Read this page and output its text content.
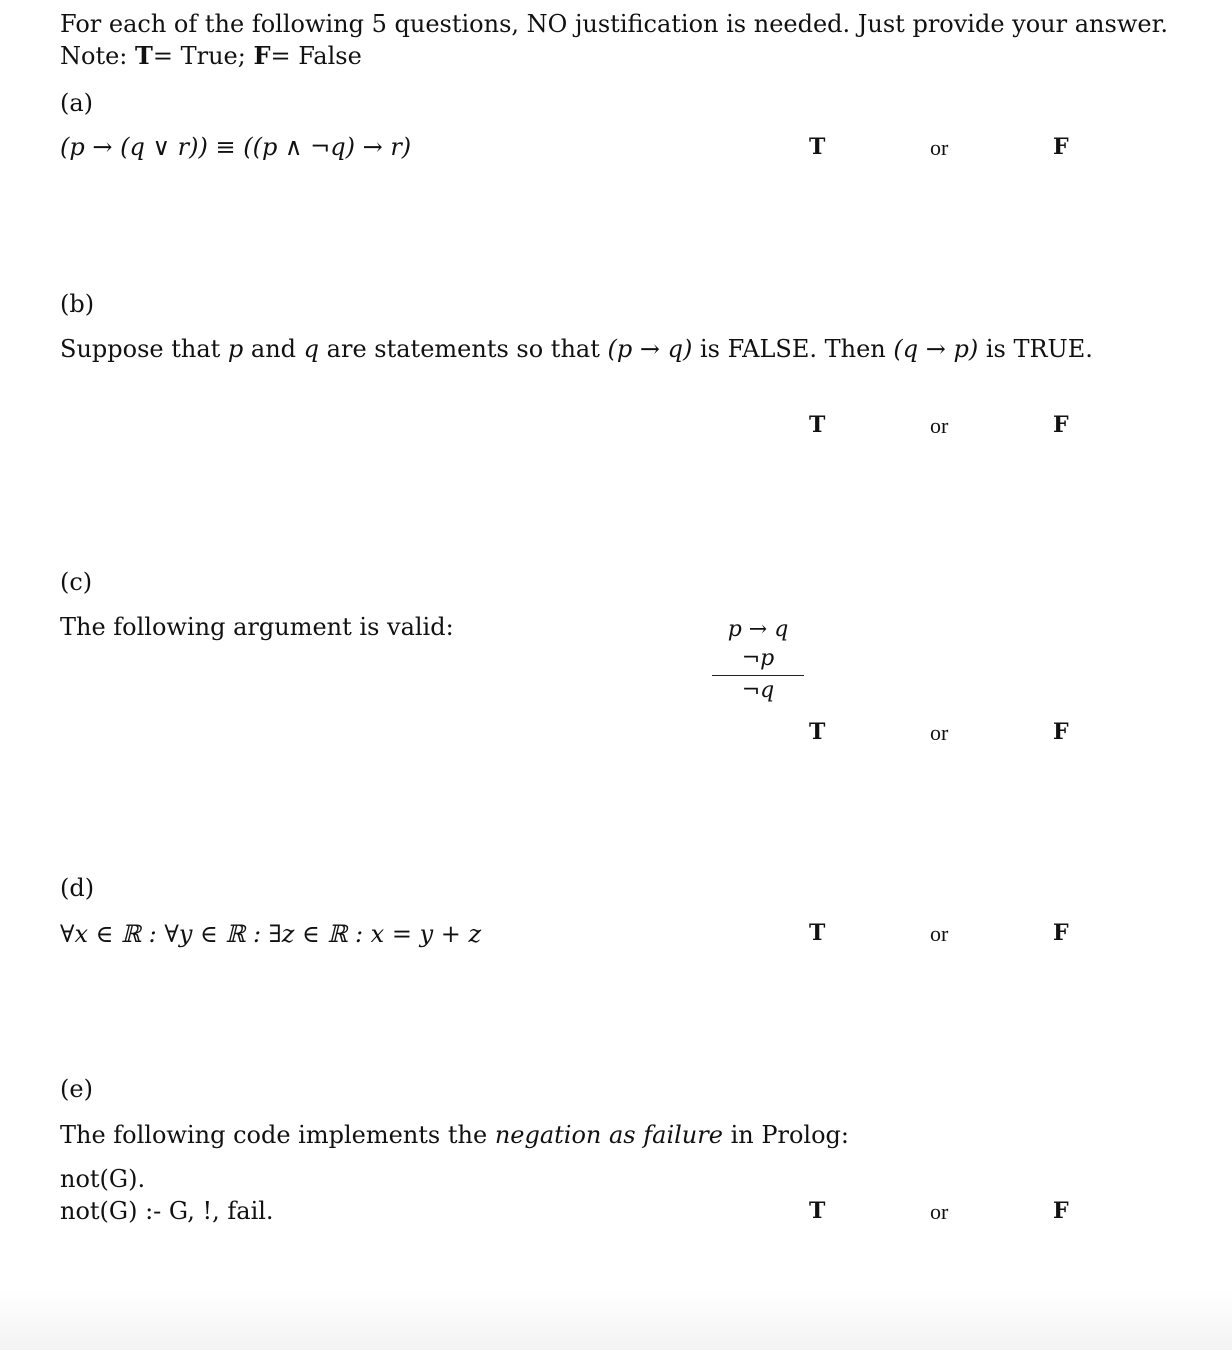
For each of the following 5 questions, NO justification is needed. Just provide your answer.
Note: T= True; F= False
(a)
(p → (q ∨ r)) ≡ ((p ∧ ¬q) → r)	T	or	F
(b)
Suppose that p and q are statements so that (p → q) is FALSE. Then (q → p) is TRUE.
T	or	F
(c)
The following argument is valid:	p → q
¬p
¬q
T	or	F
(d)
∀x ∈ ℝ : ∀y ∈ ℝ : ∃z ∈ ℝ : x = y + z	T	or	F
(e)
The following code implements the negation as failure in Prolog:
not(G).
not(G) :- G, !, fail.	T	or	F
